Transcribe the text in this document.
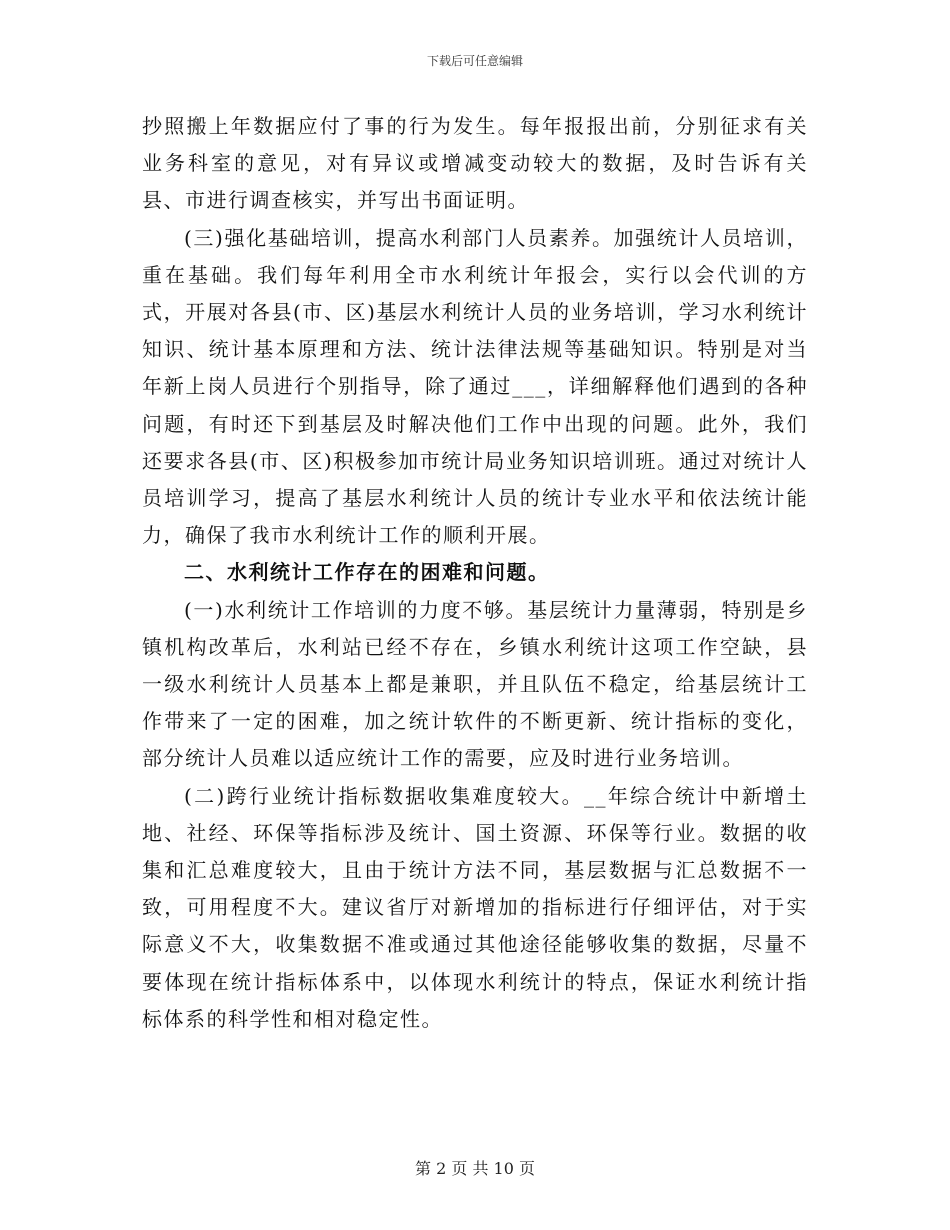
下载后可任意编辑

抄照搬上年数据应付了事的行为发生。每年报报出前，分别征求有关业务科室的意见，对有异议或增减变动较大的数据，及时告诉有关县、市进行调查核实，并写出书面证明。

(三)强化基础培训，提高水利部门人员素养。加强统计人员培训，重在基础。我们每年利用全市水利统计年报会，实行以会代训的方式，开展对各县(市、区)基层水利统计人员的业务培训，学习水利统计知识、统计基本原理和方法、统计法律法规等基础知识。特别是对当年新上岗人员进行个别指导，除了通过___，详细解释他们遇到的各种问题，有时还下到基层及时解决他们工作中出现的问题。此外，我们还要求各县(市、区)积极参加市统计局业务知识培训班。通过对统计人员培训学习，提高了基层水利统计人员的统计专业水平和依法统计能力，确保了我市水利统计工作的顺利开展。

二、水利统计工作存在的困难和问题。

(一)水利统计工作培训的力度不够。基层统计力量薄弱，特别是乡镇机构改革后，水利站已经不存在，乡镇水利统计这项工作空缺，县一级水利统计人员基本上都是兼职，并且队伍不稳定，给基层统计工作带来了一定的困难，加之统计软件的不断更新、统计指标的变化，部分统计人员难以适应统计工作的需要，应及时进行业务培训。

(二)跨行业统计指标数据收集难度较大。__年综合统计中新增土地、社经、环保等指标涉及统计、国土资源、环保等行业。数据的收集和汇总难度较大，且由于统计方法不同，基层数据与汇总数据不一致，可用程度不大。建议省厅对新增加的指标进行仔细评估，对于实际意义不大，收集数据不准或通过其他途径能够收集的数据，尽量不要体现在统计指标体系中，以体现水利统计的特点，保证水利统计指标体系的科学性和相对稳定性。

第 2 页 共 10 页
